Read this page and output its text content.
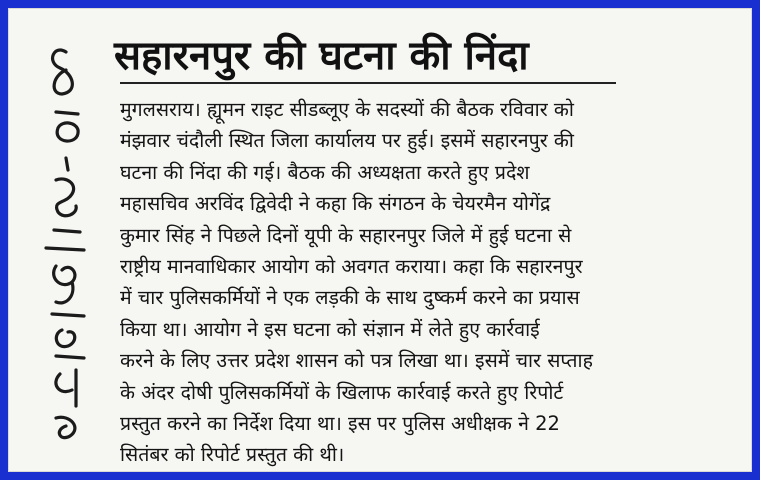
सहारनपुर की घटना की निंदा
मुगलसराय। ह्यूमन राइट सीडब्लूए के सदस्यों की बैठक रविवार को
मंझवार चंदौली स्थित जिला कार्यालय पर हुई। इसमें सहारनपुर की
घटना की निंदा की गई। बैठक की अध्यक्षता करते हुए प्रदेश
महासचिव अरविंद द्विवेदी ने कहा कि संगठन के चेयरमैन योगेंद्र
कुमार सिंह ने पिछले दिनों यूपी के सहारनपुर जिले में हुई घटना से
राष्ट्रीय मानवाधिकार आयोग को अवगत कराया। कहा कि सहारनपुर
में चार पुलिसकर्मियों ने एक लड़की के साथ दुष्कर्म करने का प्रयास
किया था। आयोग ने इस घटना को संज्ञान में लेते हुए कार्रवाई
करने के लिए उत्तर प्रदेश शासन को पत्र लिखा था। इसमें चार सप्ताह
के अंदर दोषी पुलिसकर्मियों के खिलाफ कार्रवाई करते हुए रिपोर्ट
प्रस्तुत करने का निर्देश दिया था। इस पर पुलिस अधीक्षक ने 22
सितंबर को रिपोर्ट प्रस्तुत की थी।
